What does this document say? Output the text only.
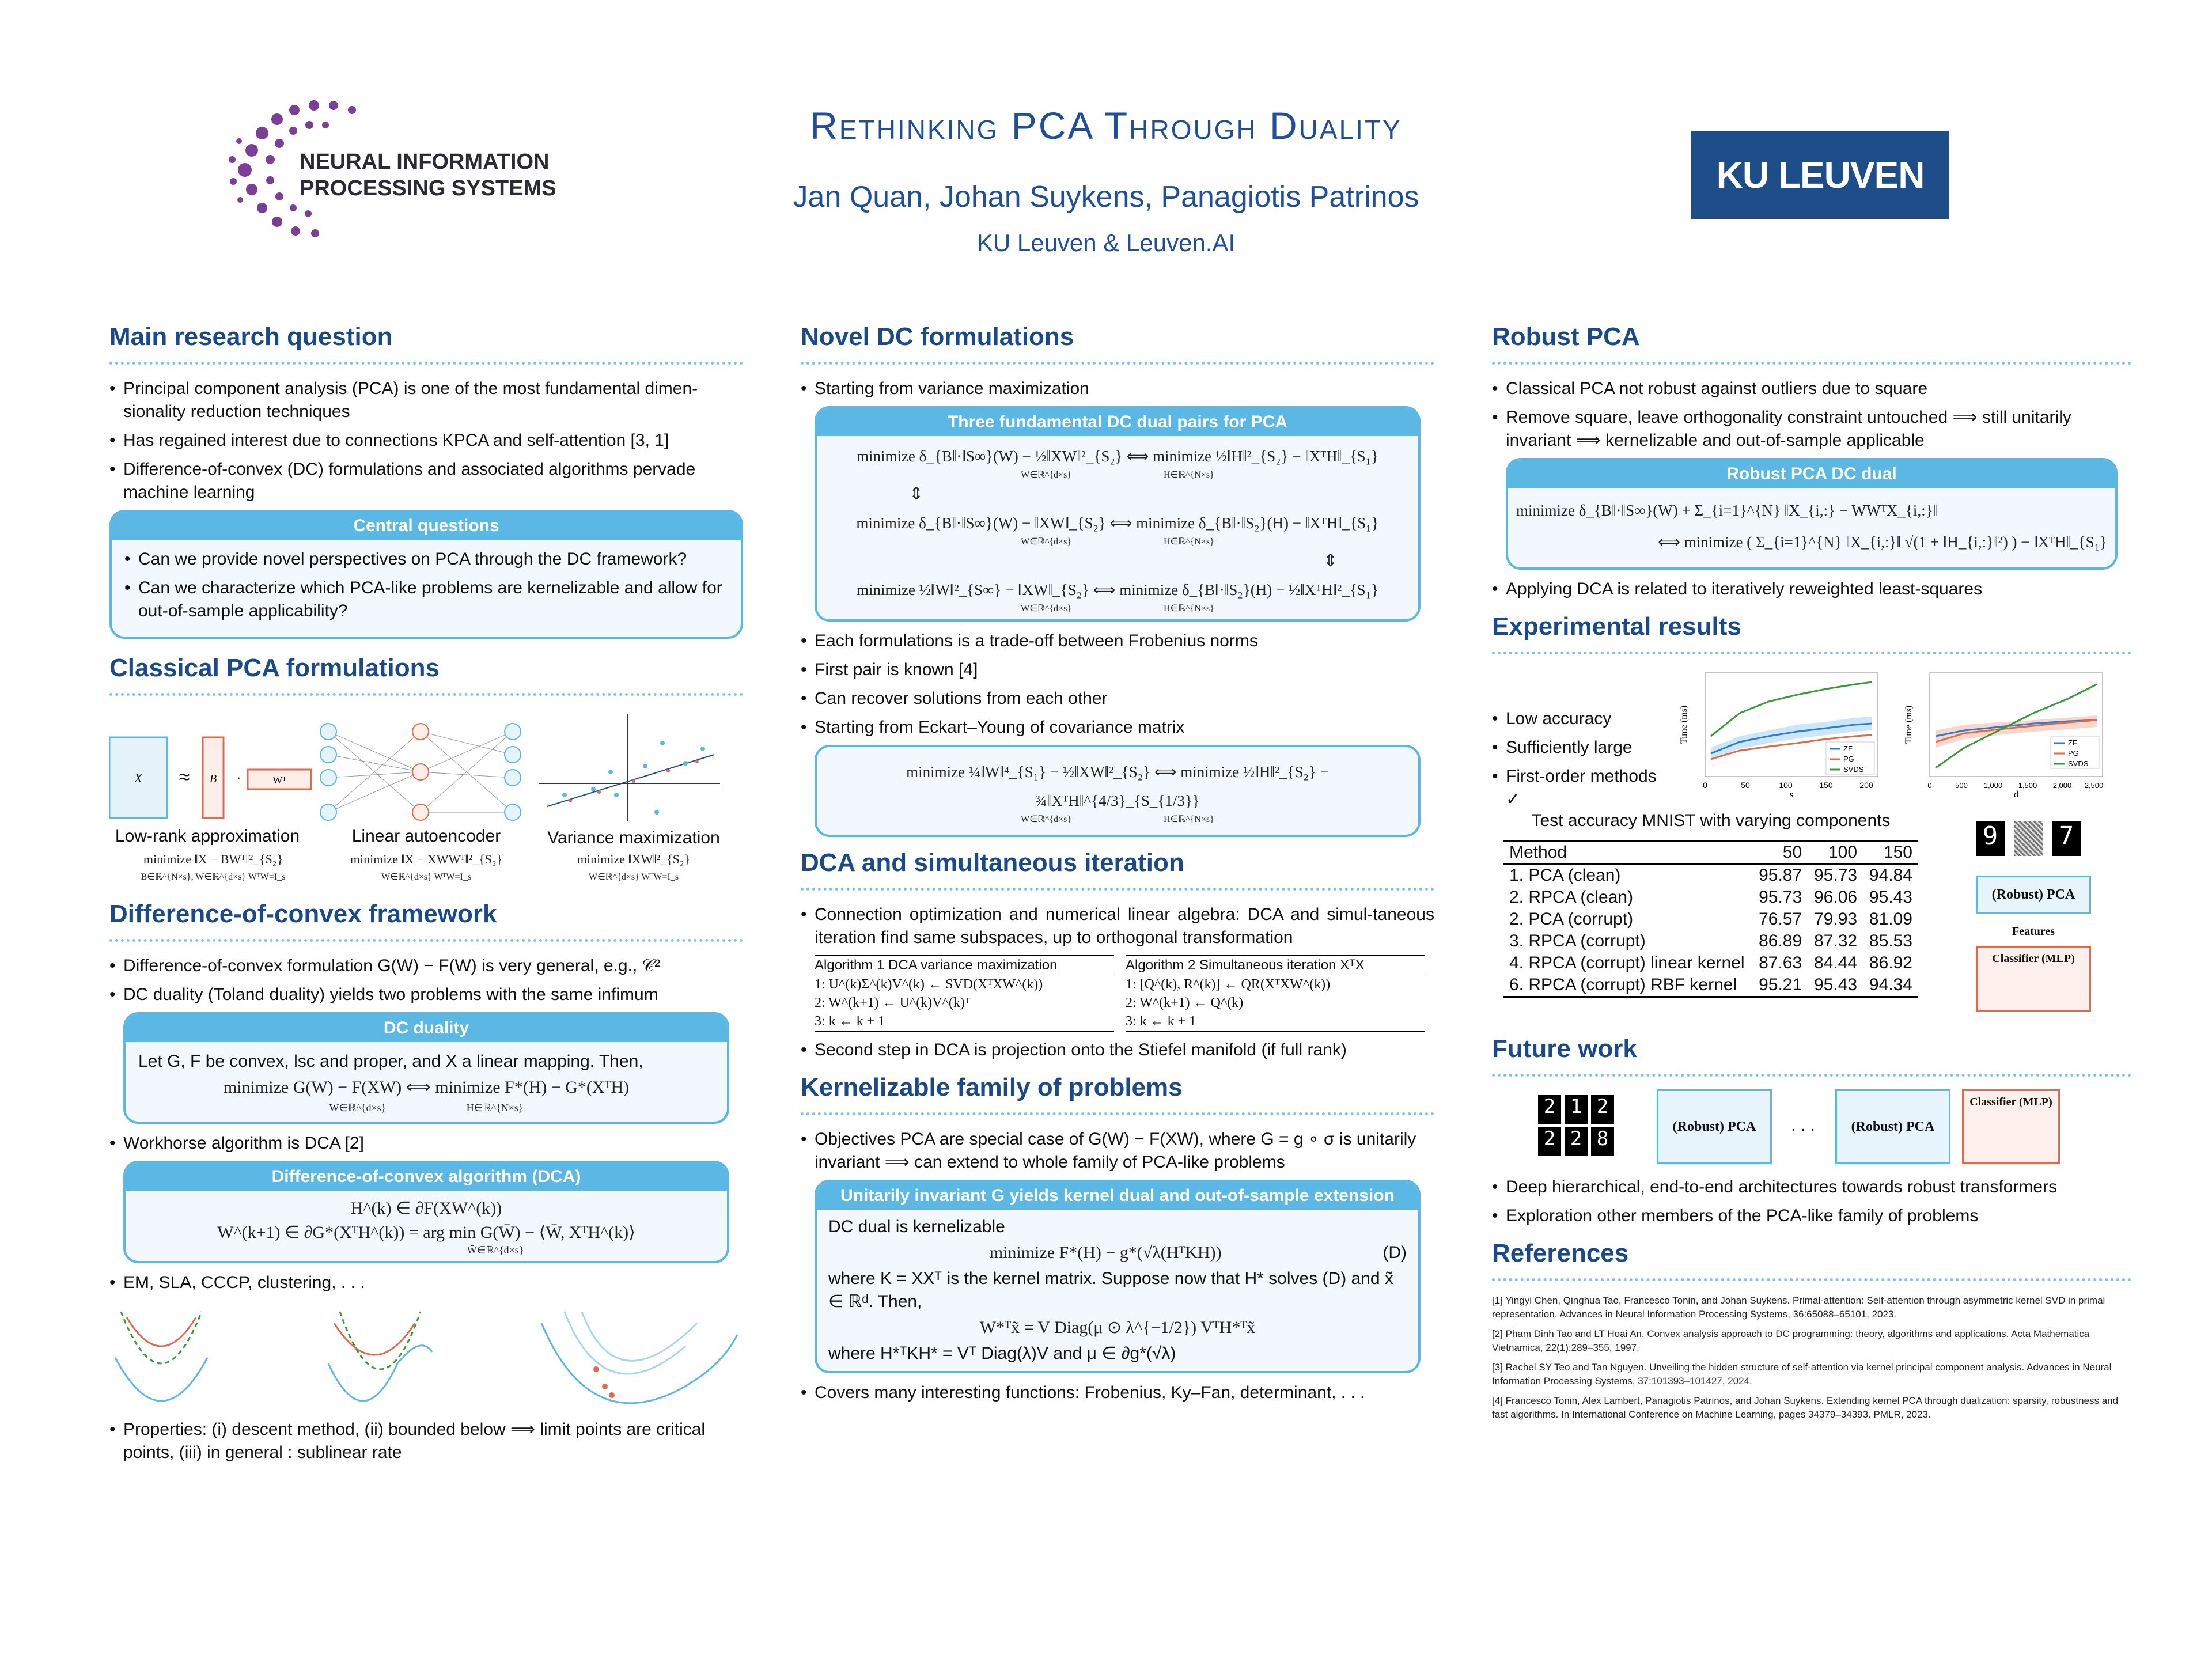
NEURAL INFORMATION
PROCESSING SYSTEMS
Rethinking PCA Through Duality
Jan Quan, Johan Suykens, Panagiotis Patrinos
KU Leuven & Leuven.AI
KU LEUVEN
Main research question
• Principal component analysis (PCA) is one of the most fundamental dimen-sionality reduction techniques
• Has regained interest due to connections KPCA and self-attention [3, 1]
• Difference-of-convex (DC) formulations and associated algorithms pervade machine learning
Central questions
• Can we provide novel perspectives on PCA through the DC framework?
• Can we characterize which PCA-like problems are kernelizable and allow for out-of-sample applicability?
Classical PCA formulations
X ≈ B ·	Wᵀ
Low-rank approximation	Linear autoencoder	Variance maximization
minimize ‖X − BWᵀ‖²_{S₂}
B∈ℝ^{N×s}, W∈ℝ^{d×s} WᵀW=I_s
minimize ‖X − XWWᵀ‖²_{S₂}
W∈ℝ^{d×s} WᵀW=I_s
minimize ‖XW‖²_{S₂}
W∈ℝ^{d×s} WᵀW=I_s
Difference-of-convex framework
• Difference-of-convex formulation G(W) − F(W) is very general, e.g., 𝒞²
• DC duality (Toland duality) yields two problems with the same infimum
DC duality
Let G, F be convex, lsc and proper, and X a linear mapping. Then,
minimize G(W) − F(XW) ⟺ minimize F*(H) − G*(XᵀH)
W∈ℝ^{d×s}                               H∈ℝ^{N×s}
• Workhorse algorithm is DCA [2]
Difference-of-convex algorithm (DCA)
H^(k) ∈ ∂F(XW^(k))
W^(k+1) ∈ ∂G*(XᵀH^(k)) = arg min G(W̄) − ⟨W̄, XᵀH^(k)⟩
W̄∈ℝ^{d×s}
• EM, SLA, CCCP, clustering, . . .
• Properties: (i) descent method, (ii) bounded below ⟹ limit points are critical points, (iii) in general : sublinear rate
Novel DC formulations
• Starting from variance maximization
Three fundamental DC dual pairs for PCA
minimize δ_{B‖·‖S∞}(W) − ½‖XW‖²_{S₂} ⟺ minimize ½‖H‖²_{S₂} − ‖XᵀH‖_{S₁}
W∈ℝ^{d×s}                                        H∈ℝ^{N×s}
⇕
minimize δ_{B‖·‖S∞}(W) − ‖XW‖_{S₂} ⟺ minimize δ_{B‖·‖S₂}(H) − ‖XᵀH‖_{S₁}
W∈ℝ^{d×s}                                        H∈ℝ^{N×s}
⇕
minimize ½‖W‖²_{S∞} − ‖XW‖_{S₂} ⟺ minimize δ_{B‖·‖S₂}(H) − ½‖XᵀH‖²_{S₁}
W∈ℝ^{d×s}                                        H∈ℝ^{N×s}
• Each formulations is a trade-off between Frobenius norms
• First pair is known [4]
• Can recover solutions from each other
• Starting from Eckart–Young of covariance matrix
minimize ¼‖W‖⁴_{S₁} − ½‖XW‖²_{S₂} ⟺ minimize ½‖H‖²_{S₂} − ¾‖XᵀH‖^{4/3}_{S_{1/3}}
W∈ℝ^{d×s}                                        H∈ℝ^{N×s}
DCA and simultaneous iteration
• Connection optimization and numerical linear algebra: DCA and simul-taneous iteration find same subspaces, up to orthogonal transformation
Algorithm 1 DCA variance maximization
1: U^(k)Σ^(k)V^(k) ← SVD(XᵀXW^(k))
2: W^(k+1) ← U^(k)V^(k)ᵀ
3: k ← k + 1
Algorithm 2 Simultaneous iteration XᵀX
1: [Q^(k), R^(k)] ← QR(XᵀXW^(k))
2: W^(k+1) ← Q^(k)
3: k ← k + 1
• Second step in DCA is projection onto the Stiefel manifold (if full rank)
Kernelizable family of problems
• Objectives PCA are special case of G(W) − F(XW), where G = g ∘ σ is unitarily invariant ⟹ can extend to whole family of PCA-like problems
Unitarily invariant G yields kernel dual and out-of-sample extension
DC dual is kernelizable
minimize F*(H) − g*(√λ(HᵀKH))	(D)
where K = XXᵀ is the kernel matrix. Suppose now that H* solves (D) and x̃ ∈ ℝᵈ. Then,
W*ᵀx̃ = V Diag(μ ⊙ λ^{−1/2}) VᵀH*ᵀx̃
where H*ᵀKH* = Vᵀ Diag(λ)V and μ ∈ ∂g*(√λ)
• Covers many interesting functions: Frobenius, Ky–Fan, determinant, . . .
Robust PCA
• Classical PCA not robust against outliers due to square
• Remove square, leave orthogonality constraint untouched ⟹ still unitarily invariant ⟹ kernelizable and out-of-sample applicable
Robust PCA DC dual
minimize δ_{B‖·‖S∞}(W) + Σ_{i=1}^{N} ‖X_{i,:} − WWᵀX_{i,:}‖
⟺ minimize ( Σ_{i=1}^{N} ‖X_{i,:}‖ √(1 + ‖H_{i,:}‖²) ) − ‖XᵀH‖_{S₁}
• Applying DCA is related to iteratively reweighted least-squares
Experimental results
• Low accuracy
• Sufficiently large
• First-order methods ✓
Time (ms)
s
0	50	100	150	200
ZF
PG
SVDS
Time (ms)
d
0	500 1,000 1,500 2,000 2,500
ZF
PG
SVDS
Test accuracy MNIST with varying components
Method	50	100	150
1. PCA (clean)	95.87	95.73	94.84
2. RPCA (clean)	95.73	96.06	95.43
2. PCA (corrupt)	76.57	79.93	81.09
3. RPCA (corrupt)	86.89	87.32	85.53
4. RPCA (corrupt) linear kernel	87.63	84.44	86.92
6. RPCA (corrupt) RBF kernel	95.21	95.43	94.34
9 7
(Robust) PCA
Features
Classifier (MLP)
Future work
2 1 2
2 2 8
(Robust) PCA	. . .	(Robust) PCA
Classifier (MLP)
• Deep hierarchical, end-to-end architectures towards robust transformers
• Exploration other members of the PCA-like family of problems
References

[1] Yingyi Chen, Qinghua Tao, Francesco Tonin, and Johan Suykens. Primal-attention: Self-attention through asymmetric kernel SVD in primal representation. Advances in Neural Information Processing Systems, 36:65088–65101, 2023.

[2] Pham Dinh Tao and LT Hoai An. Convex analysis approach to DC programming: theory, algorithms and applications. Acta Mathematica Vietnamica, 22(1):289–355, 1997.

[3] Rachel SY Teo and Tan Nguyen. Unveiling the hidden structure of self-attention via kernel principal component analysis. Advances in Neural Information Processing Systems, 37:101393–101427, 2024.

[4] Francesco Tonin, Alex Lambert, Panagiotis Patrinos, and Johan Suykens. Extending kernel PCA through dualization: sparsity, robustness and fast algorithms. In International Conference on Machine Learning, pages 34379–34393. PMLR, 2023.
